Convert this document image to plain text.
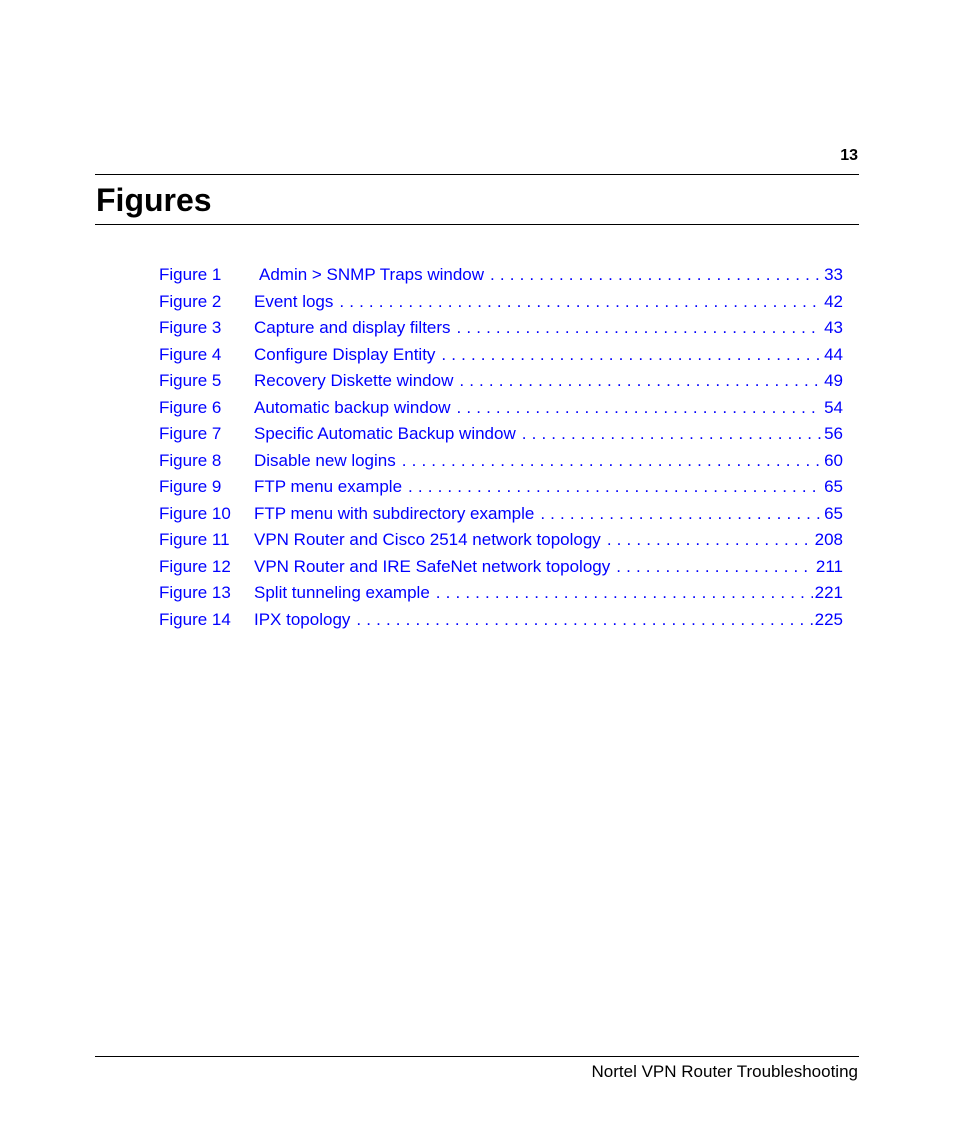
13
Figures
Figure 1	Admin > SNMP Traps window . . .	33
Figure 2	Event logs . . .	42
Figure 3	Capture and display filters . . .	43
Figure 4	Configure Display Entity . . .	44
Figure 5	Recovery Diskette window . . .	49
Figure 6	Automatic backup window . . .	54
Figure 7	Specific Automatic Backup window . . .	56
Figure 8	Disable new logins . . .	60
Figure 9	FTP menu example . . .	65
Figure 10	FTP menu with subdirectory example . . .	65
Figure 11	VPN Router and Cisco 2514 network topology . . .	208
Figure 12	VPN Router and IRE SafeNet network topology . . .	211
Figure 13	Split tunneling example . . .	221
Figure 14	IPX topology . . .	225
Nortel VPN Router Troubleshooting
